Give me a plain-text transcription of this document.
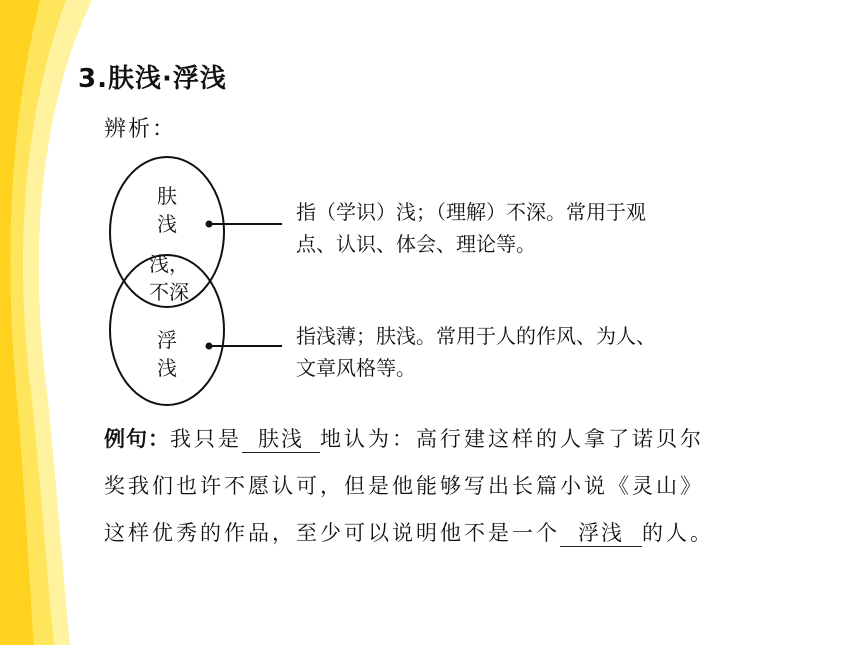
3.肤浅·浮浅
辨析：
肤
浅
浅，
不深
浮
浅
指（学识）浅；（理解）不深。常用于观
点、认识、体会、理论等。
指浅薄；肤浅。常用于人的作风、为人、
文章风格等。
例句：我只是 肤浅 地认为：高行建这样的人拿了诺贝尔
奖我们也许不愿认可，但是他能够写出长篇小说《灵山》
这样优秀的作品，至少可以说明他不是一个 浮浅 的人。
